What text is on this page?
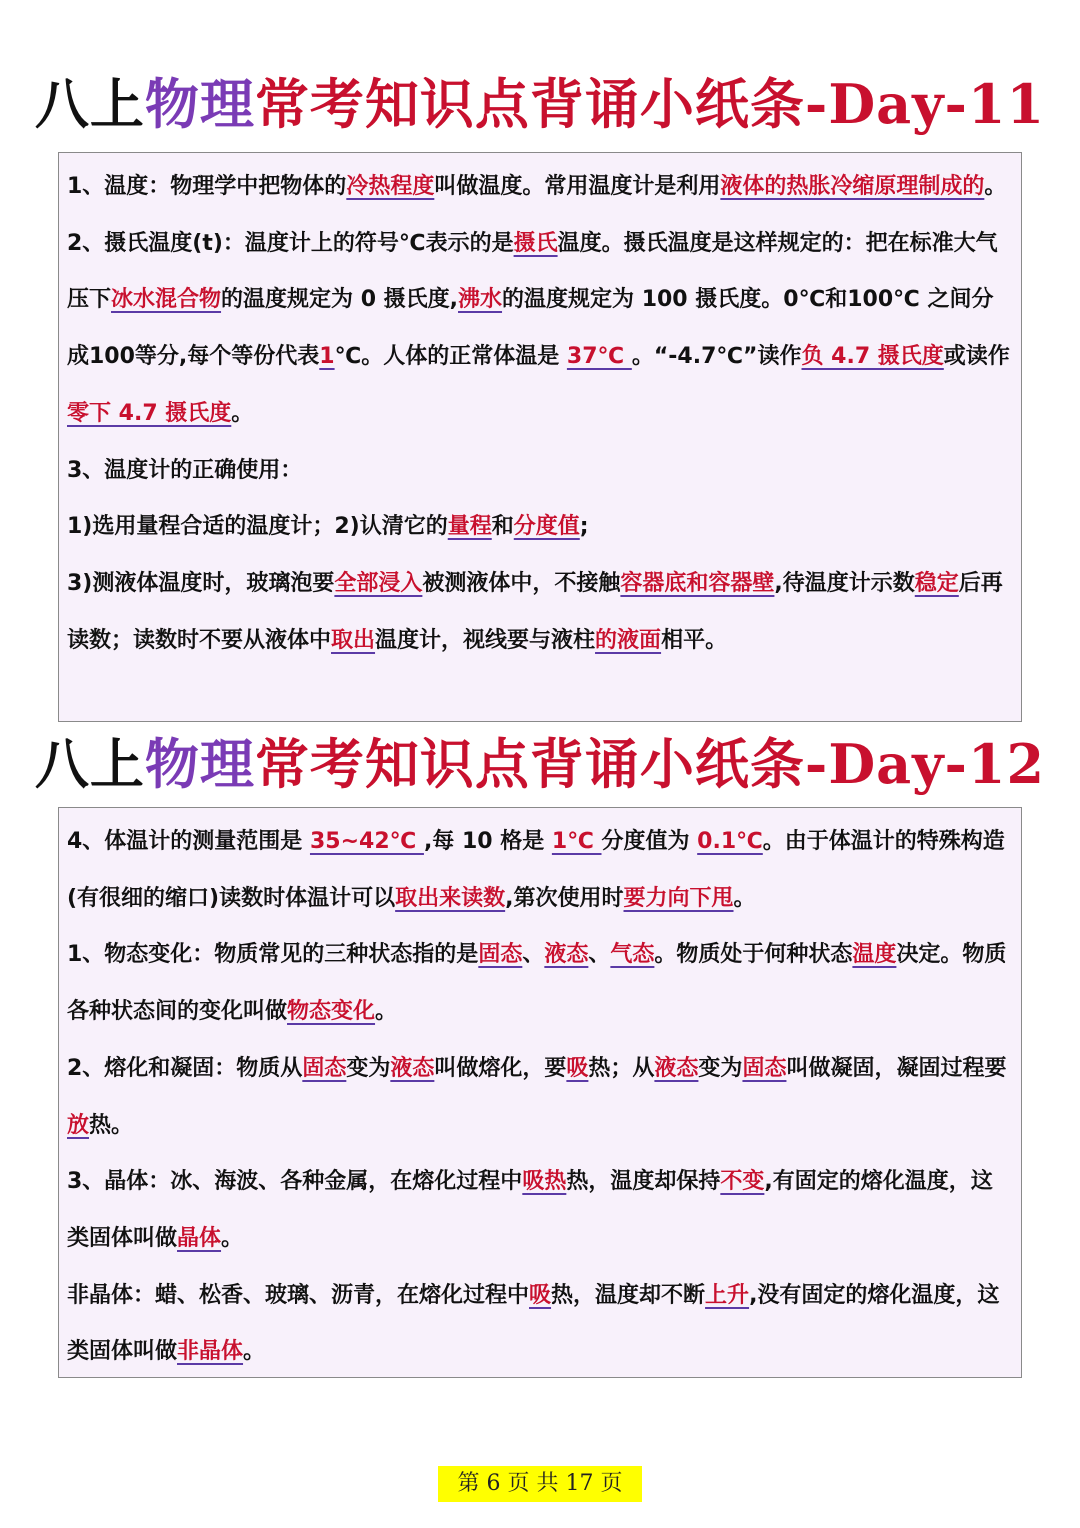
八上物理常考知识点背诵小纸条-Day-11

1、温度：物理学中把物体的冷热程度叫做温度。常用温度计是利用液体的热胀冷缩原理制成的。

2、摄氏温度(t)：温度计上的符号℃表示的是摄氏温度。摄氏温度是这样规定的：把在标准大气压下冰水混合物的温度规定为 0 摄氏度,沸水的温度规定为 100 摄氏度。0℃和100℃ 之间分成100等分,每个等份代表1℃。人体的正常体温是 37℃ 。“-4.7℃”读作负 4.7 摄氏度或读作零下 4.7 摄氏度。

3、温度计的正确使用：

1)选用量程合适的温度计；2)认清它的量程和分度值;

3)测液体温度时，玻璃泡要全部浸入被测液体中，不接触容器底和容器壁,待温度计示数稳定后再读数；读数时不要从液体中取出温度计，视线要与液柱的液面相平。

八上物理常考知识点背诵小纸条-Day-12

4、体温计的测量范围是 35~42℃ ,每 10 格是 1℃ 分度值为 0.1℃。由于体温计的特殊构造 (有很细的缩口)读数时体温计可以取出来读数,第次使用时要力向下甩。

1、物态变化：物质常见的三种状态指的是固态、液态、气态。物质处于何种状态温度决定。物质各种状态间的变化叫做物态变化。

2、熔化和凝固：物质从固态变为液态叫做熔化，要吸热；从液态变为固态叫做凝固，凝固过程要放热。

3、晶体：冰、海波、各种金属，在熔化过程中吸热热，温度却保持不变,有固定的熔化温度，这类固体叫做晶体。

非晶体：蜡、松香、玻璃、沥青，在熔化过程中吸热，温度却不断上升,没有固定的熔化温度，这类固体叫做非晶体。

第 6 页 共 17 页
